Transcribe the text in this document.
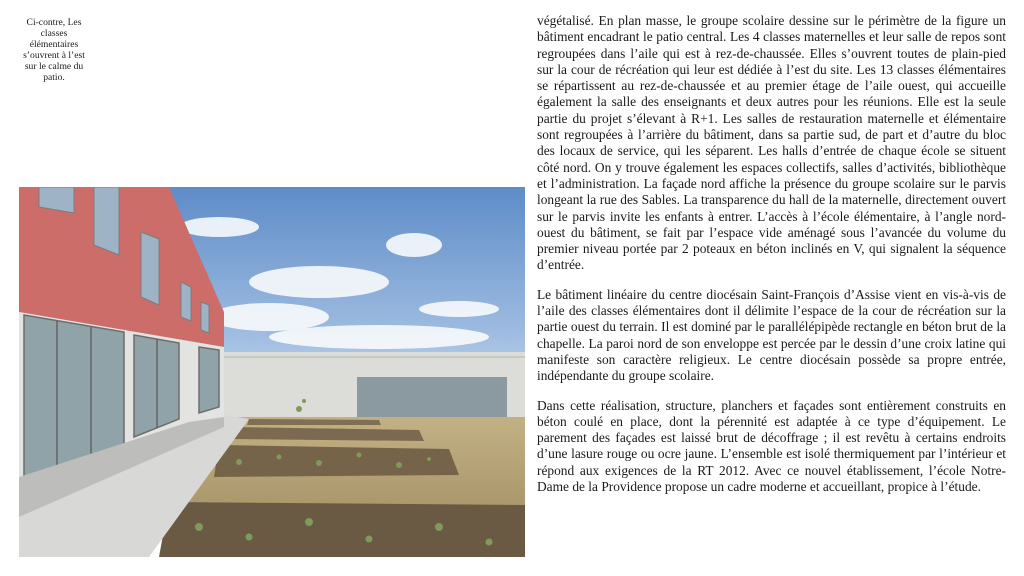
Ci-contre, Les classes élémentaires s’ouvrent à l’est sur le calme du patio.

végétalisé. En plan masse, le groupe scolaire dessine sur le périmètre de la figure un bâtiment encadrant le patio central. Les 4 classes maternelles et leur salle de repos sont regroupées dans l’aile qui est à rez-de-chaussée. Elles s’ouvrent toutes de plain-pied sur la cour de récréation qui leur est dédiée à l’est du site. Les 13 classes élémentaires se répartissent au rez-de-chaussée et au premier étage de l’aile ouest, qui accueille également la salle des enseignants et deux autres pour les réunions. Elle est la seule partie du projet s’élevant à R+1. Les salles de restauration maternelle et élémentaire sont regroupées à l’arrière du bâtiment, dans sa partie sud, de part et d’autre du bloc des locaux de service, qui les séparent. Les halls d’entrée de chaque école se situent côté nord. On y trouve également les espaces collectifs, salles d’activités, bibliothèque et l’administration. La façade nord affiche la présence du groupe scolaire sur le parvis longeant la rue des Sables. La transparence du hall de la maternelle, directement ouvert sur le parvis invite les enfants à entrer. L’accès à l’école élémentaire, à l’angle nord-ouest du bâtiment, se fait par l’espace vide aménagé sous l’avancée du volume du premier niveau portée par 2 poteaux en béton inclinés en V, qui signalent la séquence d’entrée.

Le bâtiment linéaire du centre diocésain Saint-François d’Assise vient en vis-à-vis de l’aile des classes élémentaires dont il délimite l’espace de la cour de récréation sur la partie ouest du terrain. Il est dominé par le parallélépipède rectangle en béton brut de la chapelle. La paroi nord de son enveloppe est percée par le dessin d’une croix latine qui manifeste son caractère religieux. Le centre diocésain possède sa propre entrée, indépendante du groupe scolaire.

Dans cette réalisation, structure, planchers et façades sont entièrement construits en béton coulé en place, dont la pérennité est adaptée à ce type d’équipement. Le parement des façades est laissé brut de décoffrage ; il est revêtu à certains endroits d’une lasure rouge ou ocre jaune. L’ensemble est isolé thermiquement par l’intérieur et répond aux exigences de la RT 2012. Avec ce nouvel établissement, l’école Notre-Dame de la Providence propose un cadre moderne et accueillant, propice à l’étude.
